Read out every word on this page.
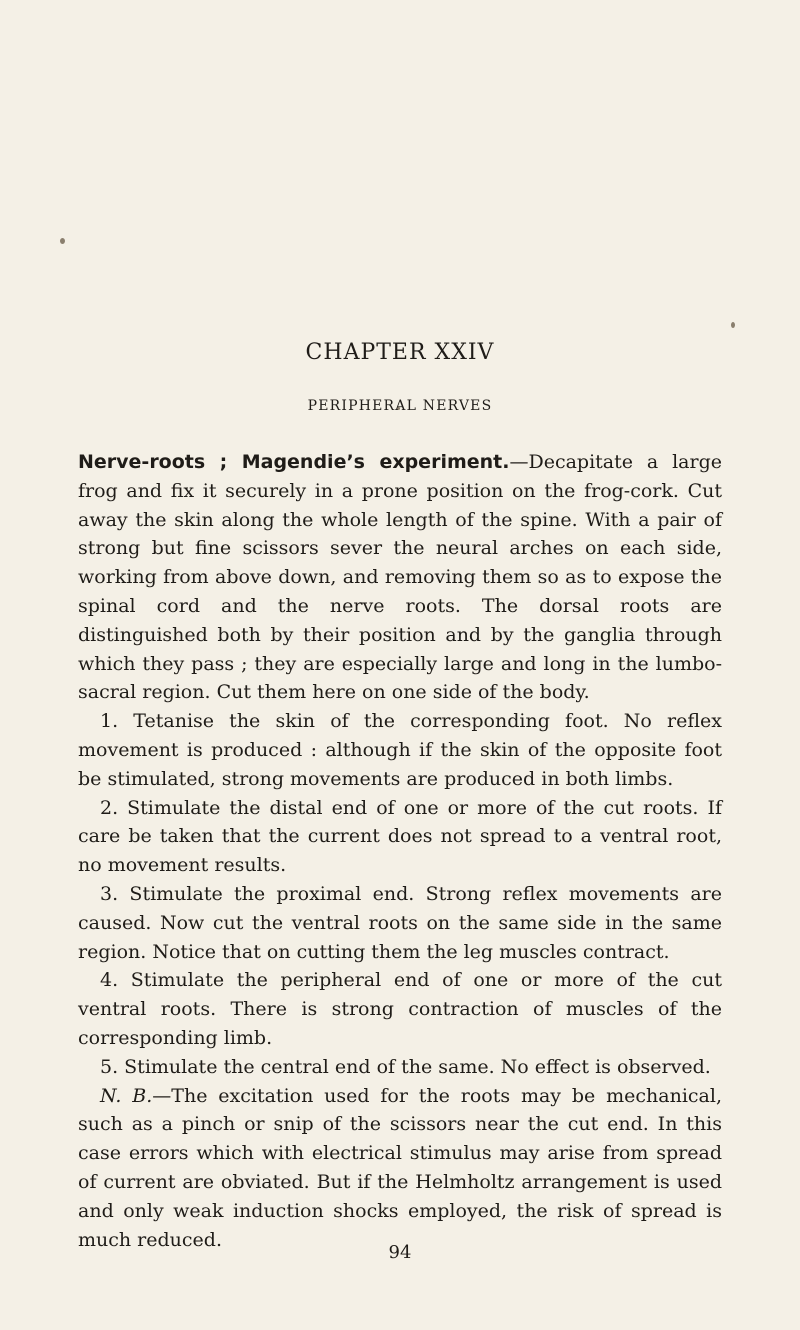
CHAPTER XXIV
PERIPHERAL NERVES

Nerve-roots ; Magendie’s experiment.—Decapitate a large frog and fix it securely in a prone position on the frog-cork. Cut away the skin along the whole length of the spine. With a pair of strong but fine scissors sever the neural arches on each side, working from above down, and removing them so as to expose the spinal cord and the nerve roots. The dorsal roots are distinguished both by their position and by the ganglia through which they pass ; they are especially large and long in the lumbo-sacral region. Cut them here on one side of the body.

1. Tetanise the skin of the corresponding foot. No reflex movement is produced : although if the skin of the opposite foot be stimulated, strong movements are produced in both limbs.

2. Stimulate the distal end of one or more of the cut roots. If care be taken that the current does not spread to a ventral root, no movement results.

3. Stimulate the proximal end. Strong reflex movements are caused. Now cut the ventral roots on the same side in the same region. Notice that on cutting them the leg muscles contract.

4. Stimulate the peripheral end of one or more of the cut ventral roots. There is strong contraction of muscles of the corresponding limb.

5. Stimulate the central end of the same. No effect is observed.

N. B.—The excitation used for the roots may be mechanical, such as a pinch or snip of the scissors near the cut end. In this case errors which with electrical stimulus may arise from spread of current are obviated. But if the Helmholtz arrangement is used and only weak induction shocks employed, the risk of spread is much reduced.

94
